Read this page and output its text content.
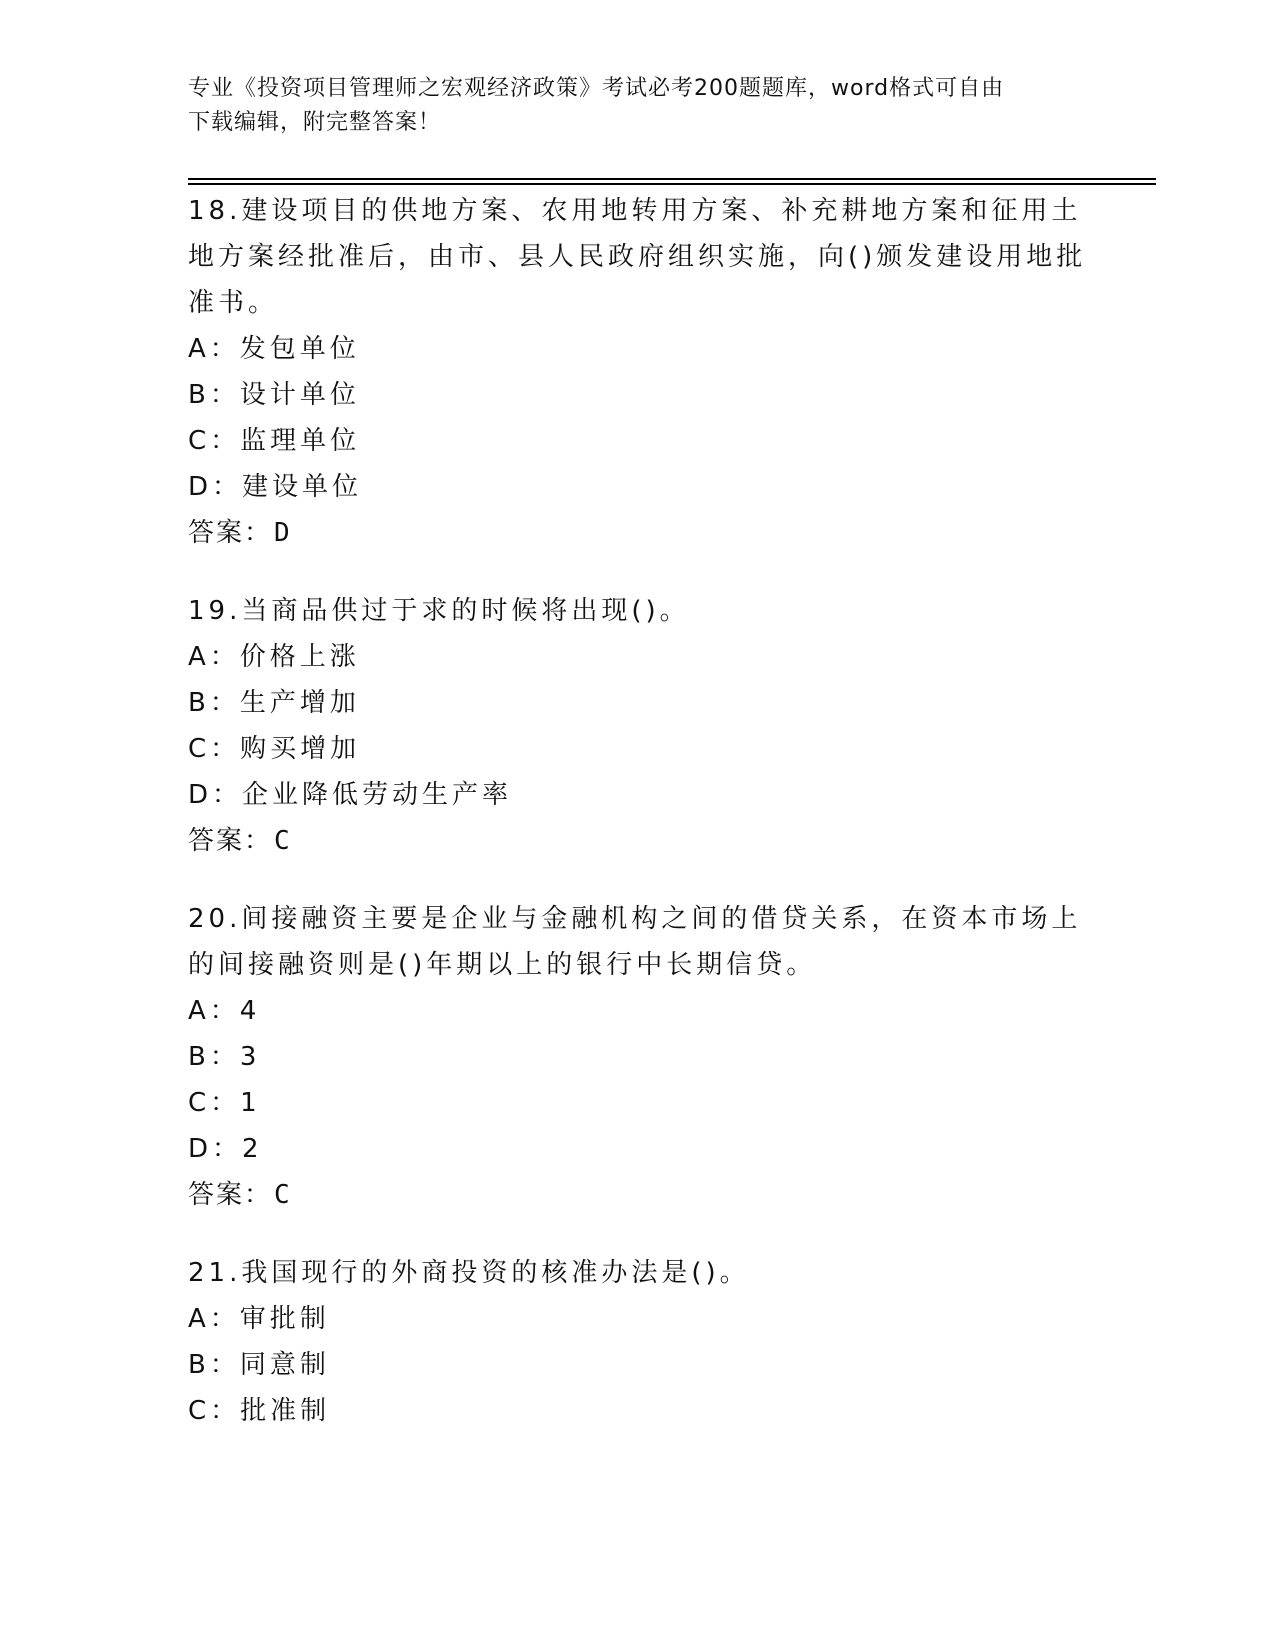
专业《投资项目管理师之宏观经济政策》考试必考200题题库，word格式可自由
下载编辑，附完整答案！
18.建设项目的供地方案、农用地转用方案、补充耕地方案和征用土地方案经批准后，由市、县人民政府组织实施，向()颁发建设用地批准书。
A： 发包单位
B： 设计单位
C： 监理单位
D： 建设单位
答案：D
19.当商品供过于求的时候将出现()。
A： 价格上涨
B： 生产增加
C： 购买增加
D： 企业降低劳动生产率
答案：C
20.间接融资主要是企业与金融机构之间的借贷关系，在资本市场上的间接融资则是()年期以上的银行中长期信贷。
A： 4
B： 3
C： 1
D： 2
答案：C
21.我国现行的外商投资的核准办法是()。
A： 审批制
B： 同意制
C： 批准制
